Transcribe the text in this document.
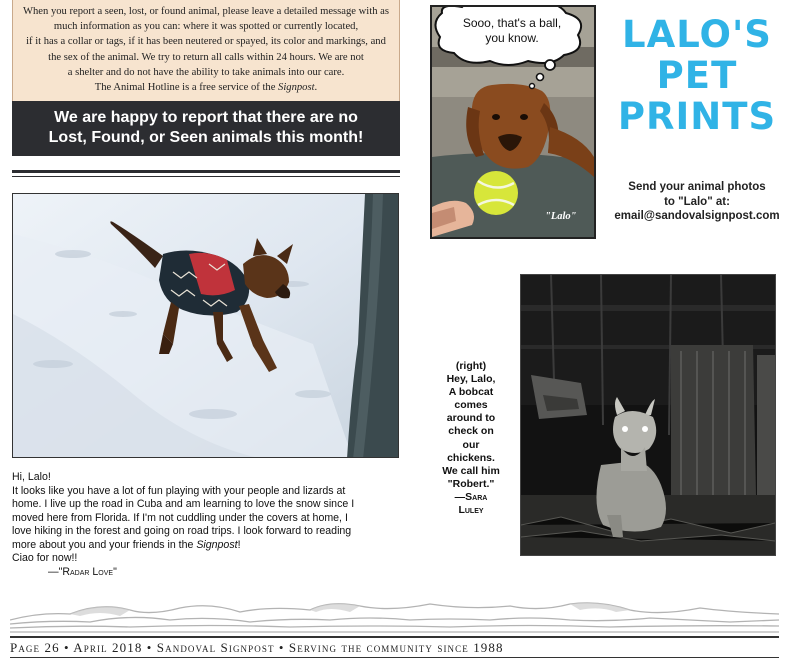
When you report a seen, lost, or found animal, please leave a detailed message with as

much information as you can: where it was spotted or currently located,

if it has a collar or tags, if it has been neutered or spayed, its color and markings, and

the sex of the animal. We try to return all calls within 24 hours. We are not

a shelter and do not have the ability to take animals into our care.

The Animal Hotline is a free service of the Signpost.

We are happy to report that there are no
Lost, Found, or Seen animals this month!
Sooo, that's a ball,
you know.
"Lalo"
LALO'S
PET
PRINTS
Send your animal photos
to "Lalo" at:
email@sandovalsignpost.com
Hi, Lalo!
It looks like you have a lot of fun playing with your people and lizards at
home. I live up the road in Cuba and am learning to love the snow since I
moved here from Florida. If I'm not cuddling under the covers at home, I
love hiking in the forest and going on road trips. I look forward to reading
more about you and your friends in the Signpost!
Ciao for now!!
—"Radar Love"
(right)
Hey, Lalo,
A bobcat
comes
around to
check on
our
chickens.
We call him
"Robert."
—Sara
Luley
Page 26 • April 2018 • Sandoval Signpost • Serving the community since 1988
